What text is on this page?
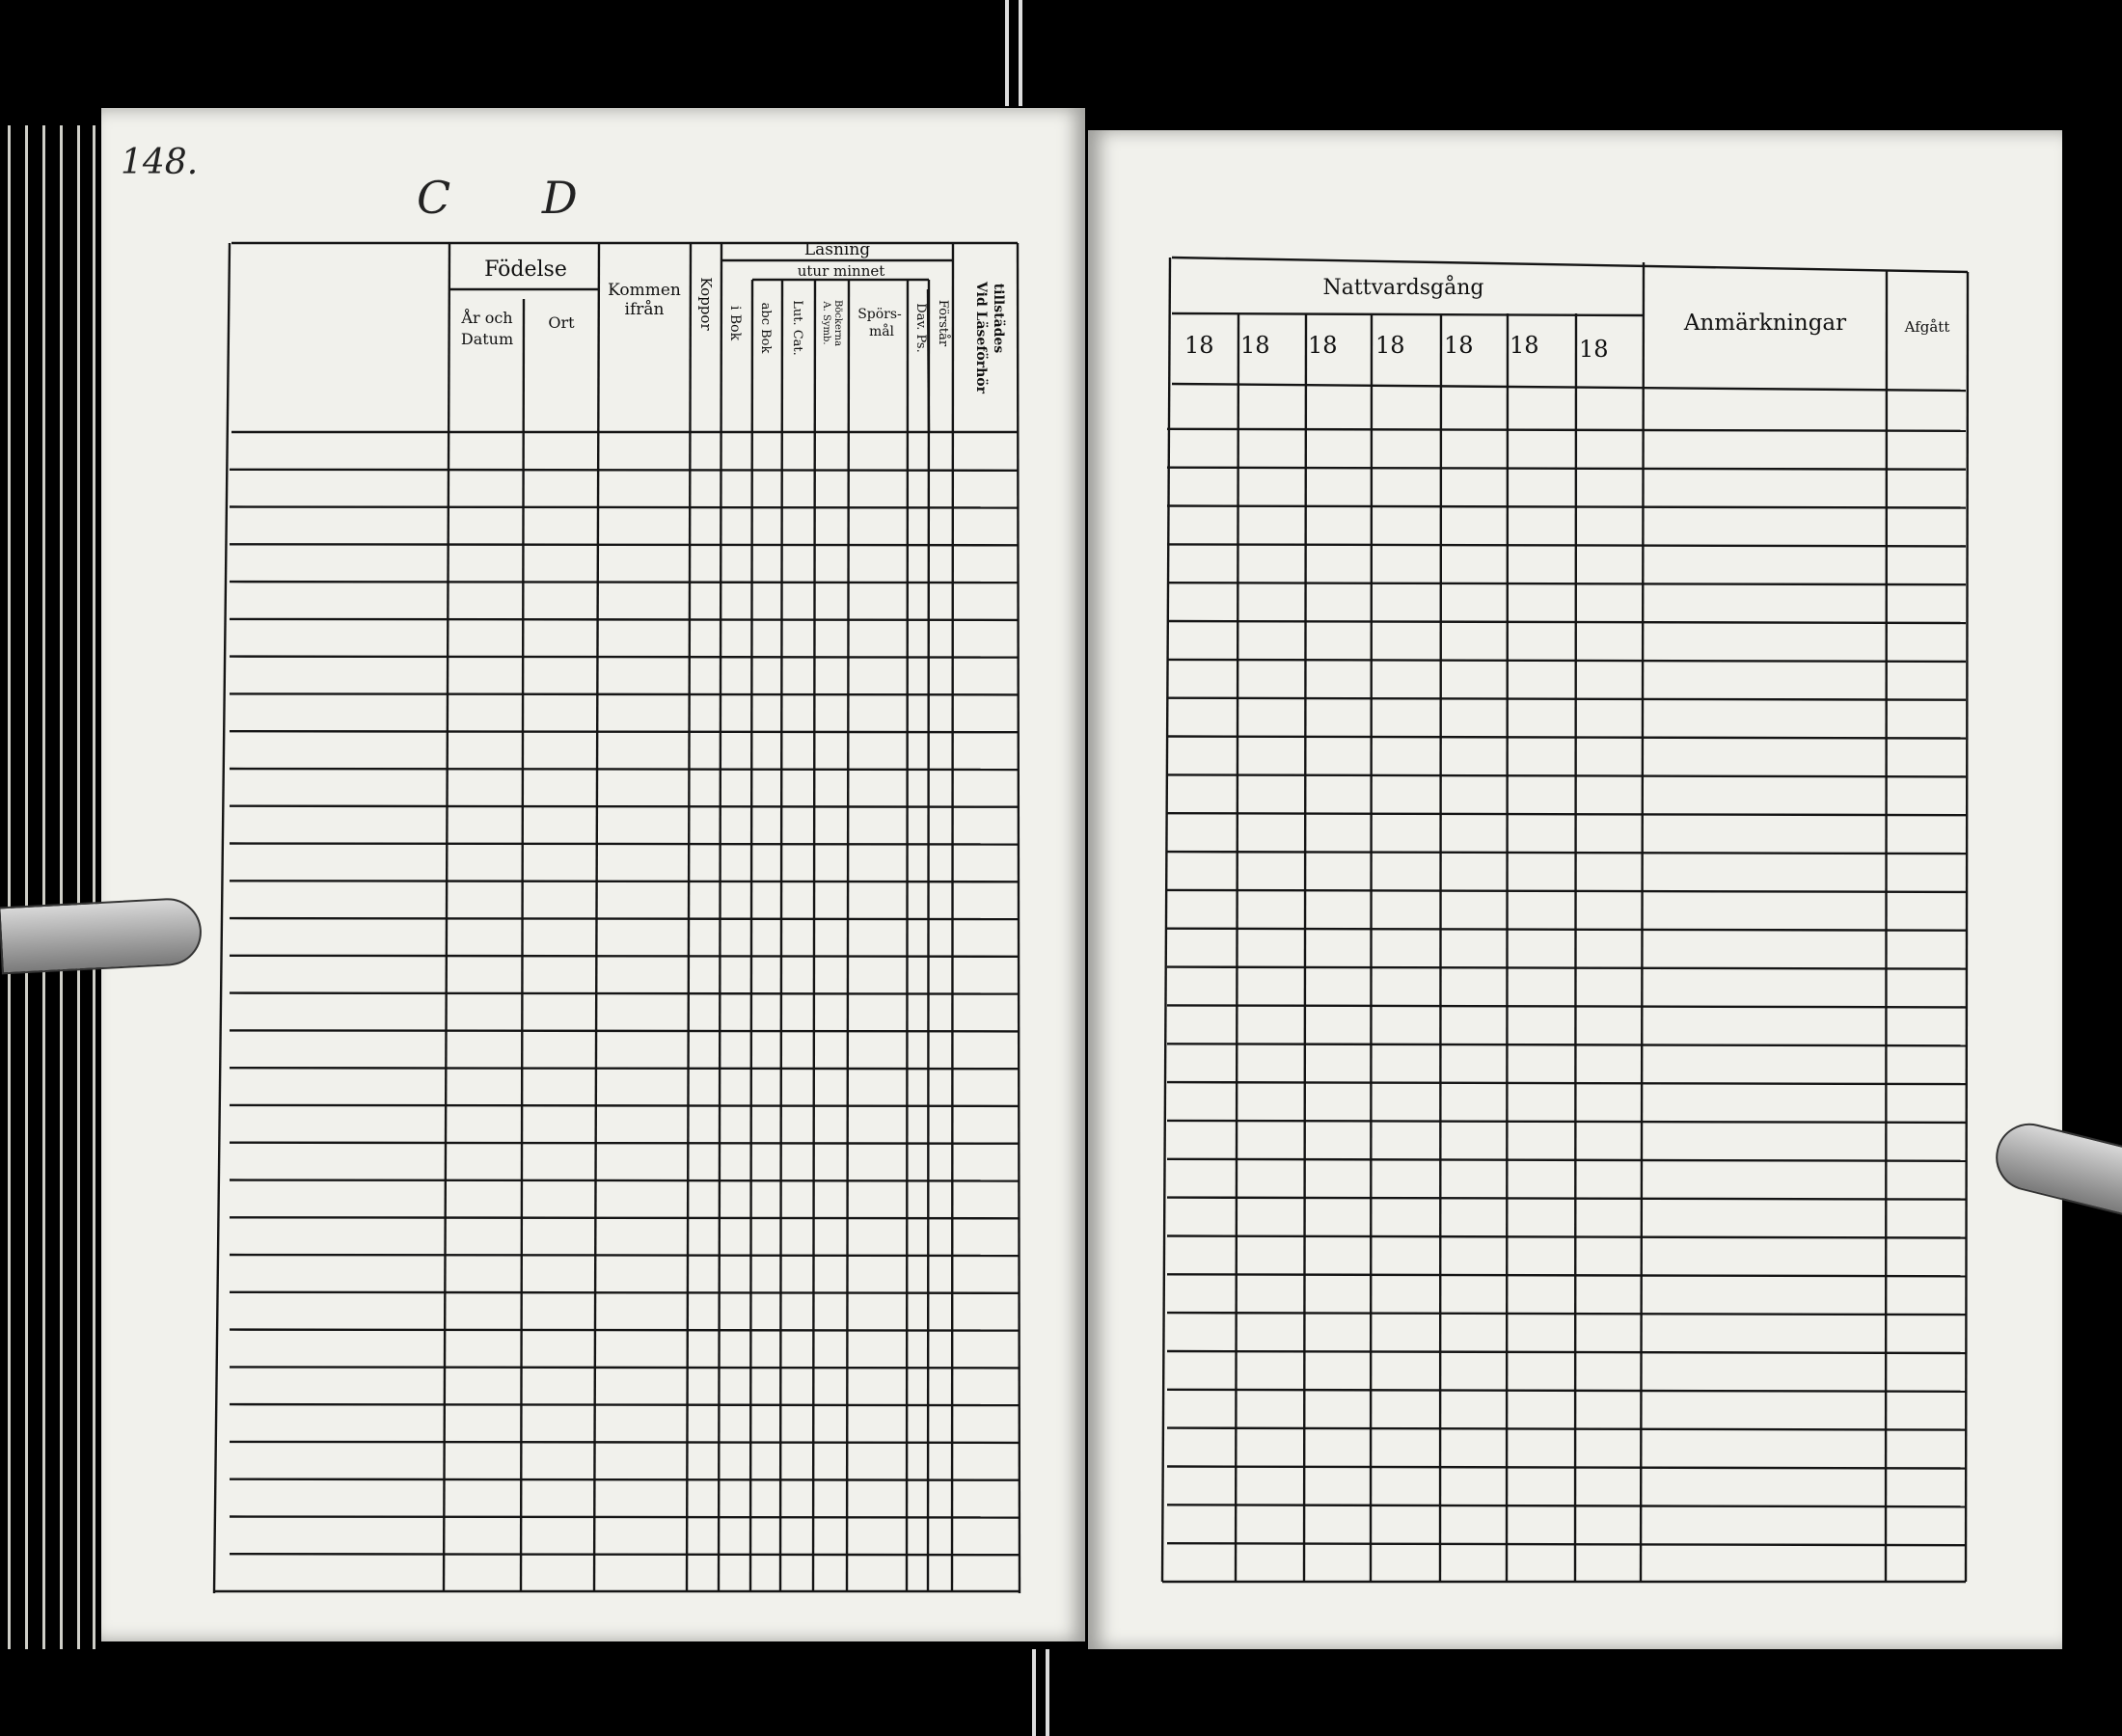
148.
C D
Födelse
År och
Datum
Ort
Kommen
ifrån Koppor
Läsning
utur minnet
i Bok abc Bok Lut. Cat. A. Symb. Böckerna Spörs-
mål Dav. Ps. Förstår Vid Läseförhör tillstädes	Nattvardsgång
18 18 18 18 18 18 18
Anmärkningar	Afgått
